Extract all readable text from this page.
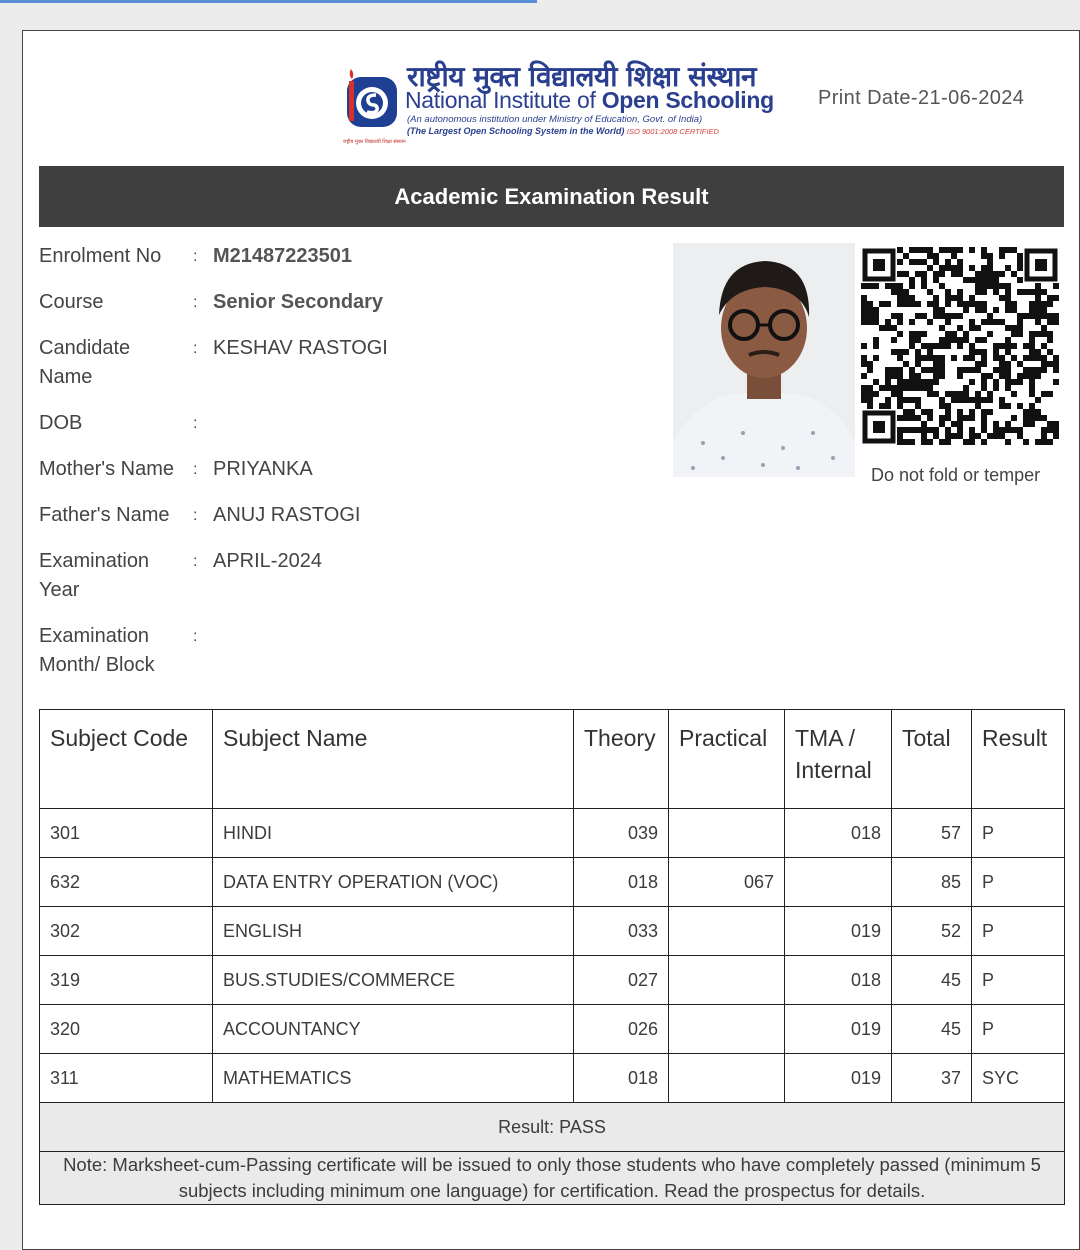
राष्ट्रीय मुक्त विद्यालयी शिक्षा संस्थान
राष्ट्रीय मुक्त विद्यालयी शिक्षा संस्थान
National Institute of Open Schooling
(An autonomous institution under Ministry of Education, Govt. of India)
(The Largest Open Schooling System in the World) ISO 9001:2008 CERTIFIED
Print Date-21-06-2024
Academic Examination Result
Enrolment No	: M21487223501
Course	: Senior Secondary
Candidate Name
: KESHAV RASTOGI
DOB	:
Mother's Name	: PRIYANKA
Father's Name	: ANUJ RASTOGI
Examination Year
: APRIL-2024
Examination Month/ Block
:
Do not fold or temper
Subject Code	Subject Name	Theory	Practical	TMA / Internal	Total	Result
301	HINDI	039		018	57	P
632	DATA ENTRY OPERATION (VOC)	018	067		85	P
302	ENGLISH	033		019	52	P
319	BUS.STUDIES/COMMERCE	027		018	45	P
320	ACCOUNTANCY	026		019	45	P
311	MATHEMATICS	018		019	37	SYC
Result: PASS						
Note: Marksheet-cum-Passing certificate will be issued to only those students who have completely passed (minimum 5 subjects including minimum one language) for certification. Read the prospectus for details.						
